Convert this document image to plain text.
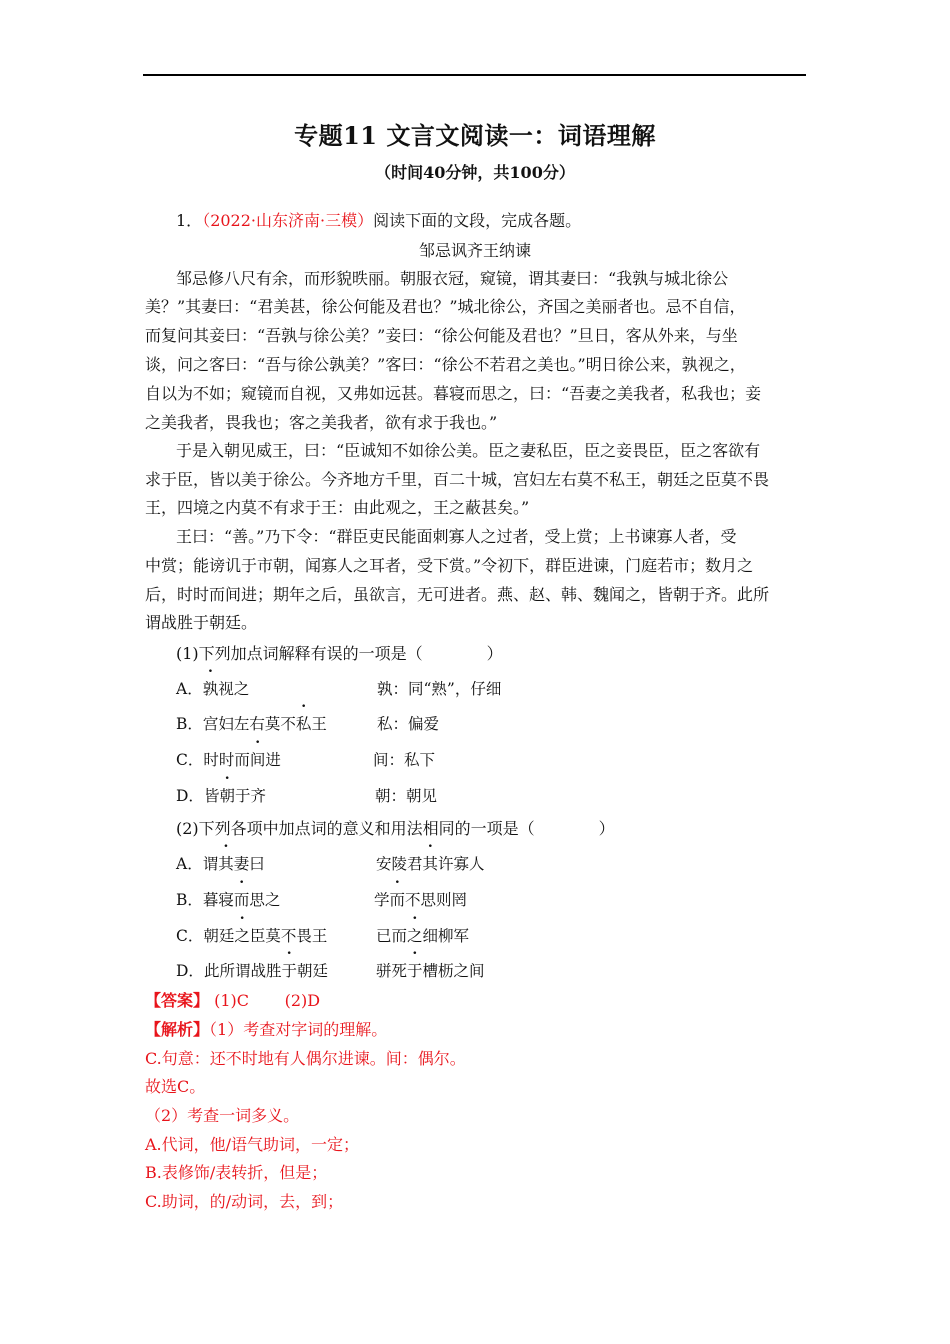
专题11 文言文阅读一：词语理解
（时间40分钟，共100分）
1．（2022·山东济南·三模）阅读下面的文段，完成各题。
邹忌讽齐王纳谏
邹忌修八尺有余，而形貌昳丽。朝服衣冠，窥镜，谓其妻曰：“我孰与城北徐公
美？”其妻曰：“君美甚，徐公何能及君也？”城北徐公，齐国之美丽者也。忌不自信，
而复问其妾曰：“吾孰与徐公美？”妾曰：“徐公何能及君也？”旦日，客从外来，与坐
谈，问之客曰：“吾与徐公孰美？”客曰：“徐公不若君之美也。”明日徐公来，孰视之，
自以为不如；窥镜而自视，又弗如远甚。暮寝而思之，曰：“吾妻之美我者，私我也；妾
之美我者，畏我也；客之美我者，欲有求于我也。”
于是入朝见威王，曰：“臣诚知不如徐公美。臣之妻私臣，臣之妾畏臣，臣之客欲有
求于臣，皆以美于徐公。今齐地方千里，百二十城，宫妇左右莫不私王，朝廷之臣莫不畏
王，四境之内莫不有求于王：由此观之，王之蔽甚矣。”
王曰：“善。”乃下令：“群臣吏民能面刺寡人之过者，受上赏；上书谏寡人者，受
中赏；能谤讥于市朝，闻寡人之耳者，受下赏。”令初下，群臣进谏，门庭若市；数月之
后，时时而间进；期年之后，虽欲言，无可进者。燕、赵、韩、魏闻之，皆朝于齐。此所
谓战胜于朝廷。
(1)下列加点词解释有误的一项是（　　　　）
A．孰视之	孰：同“熟”，仔细
B．宫妇左右莫不私王	私：偏爱
C．时时而间进	间：私下
D．皆朝于齐	朝：朝见
(2)下列各项中加点词的意义和用法相同的一项是（　　　　）
A．谓其妻曰	安陵君其许寡人
B．暮寝而思之	学而不思则罔
C．朝廷之臣莫不畏王	已而之细柳军
D．此所谓战胜于朝廷	骈死于槽枥之间
【答案】 (1)C (2)D
【解析】（1）考查对字词的理解。
C.句意：还不时地有人偶尔进谏。间：偶尔。
故选C。
（2）考查一词多义。
A.代词，他/语气助词，一定；
B.表修饰/表转折，但是；
C.助词，的/动词，去，到；
